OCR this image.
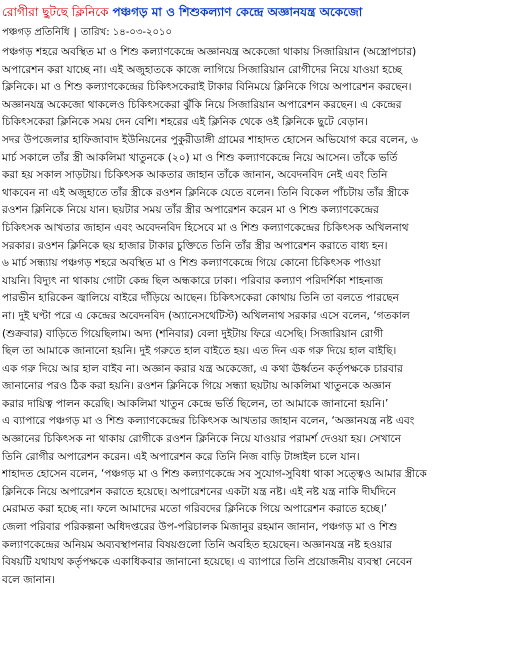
রোগীরা ছুটছে ক্লিনিকে পঞ্চগড় মা ও শিশুকল্যাণ কেন্দ্রে অজ্ঞানযন্ত্র অকেজো
পঞ্চগড় প্রতিনিধি | তারিখ: ১৪-০৩-২০১০
পঞ্চগড় শহরে অবস্থিত মা ও শিশু কল্যাণকেন্দ্রে অজ্ঞানযন্ত্র অকেজো থাকায় সিজারিয়ান (অস্ত্রোপচার)
অপারেশন করা যাচ্ছে না। এই অজুহাতকে কাজে লাগিয়ে সিজারিয়ান রোগীদের নিয়ে যাওয়া হচ্ছে
ক্লিনিকে। মা ও শিশু কল্যাণকেন্দ্রের চিকিৎসকেরাই টাকার বিনিময়ে ক্লিনিকে গিয়ে অপারেশন করছেন।
অজ্ঞানযন্ত্র অকেজো থাকলেও চিকিৎসকেরা ঝুঁকি নিয়ে সিজারিয়ান অপারেশন করছেন। এ কেন্দ্রের
চিকিৎসকেরা ক্লিনিকে সময় দেন বেশি। শহরের এই ক্লিনিক থেকে ওই ক্লিনিকে ছুটে বেড়ান।
সদর উপজেলার হাফিজাবাদ ইউনিয়নের পুকুরীডাঙ্গী গ্রামের শাহাদত হোসেন অভিযোগ করে বলেন, ৬
মার্চ সকালে তাঁর স্ত্রী আকলিমা খাতুনকে (২০) মা ও শিশু কল্যাণকেন্দ্রে নিয়ে আসেন। তাঁকে ভর্তি
করা হয় সকাল সাড়টায়। চিকিৎসক আকতার জাহান তাঁকে জানান, অবেদনবিদ নেই এবং তিনি
থাকবেন না এই অজুহাতে তাঁর স্ত্রীকে রওশন ক্লিনিকে যেতে বলেন। তিনি বিকেল পাঁচটায় তাঁর স্ত্রীকে
রওশন ক্লিনিকে নিয়ে যান। ছয়টার সময় তাঁর স্ত্রীর অপারেশন করেন মা ও শিশু কল্যাণকেন্দ্রের
চিকিৎসক আখতার জাহান এবং অবেদনবিদ হিসেবে মা ও শিশু কল্যাণকেন্দ্রের চিকিৎসক অখিলনাথ
সরকার। রওশন ক্লিনিকে ছয় হাজার টাকার চুক্তিতে তিনি তাঁর স্ত্রীর অপারেশন করাতে বাধ্য হন।
৬ মার্চ সন্ধ্যায় পঞ্চগড় শহরে অবস্থিত মা ও শিশু কল্যাণকেন্দ্রে গিয়ে কোনো চিকিৎসক পাওয়া
যায়নি। বিদ্যুৎ না থাকায় গোটা কেন্দ্র ছিল অন্ধকারে ঢাকা। পরিবার কল্যাণ পরিদর্শিকা শাহনাজ
পারভীন হারিকেন জ্বালিয়ে বাইরে দাঁড়িয়ে আছেন। চিকিৎসকেরা কোথায় তিনি তা বলতে পারছেন
না। দুই ঘণ্টা পরে এ কেন্দ্রের অবেদনবিদ (অ্যানেসথেটিস্ট) অখিলনাথ সরকার এসে বলেন, ‘গতকাল
(শুক্রবার) বাড়িতে গিয়েছিলাম। অদ্য (শনিবার) বেলা দুইটায় ফিরে এসেছি। সিজারিয়ান রোগী
ছিল তা আমাকে জানানো হয়নি। দুই গরুতে হাল বাইতে হয়। এত দিন এক গরু দিয়ে হাল বাইছি।
এক গরু দিয়ে আর হাল বাইব না। অজ্ঞান করার যন্ত্র অকেজো, এ কথা ঊর্ধ্বতন কর্তৃপক্ষকে চারবার
জানানোর পরও ঠিক করা হয়নি। রওশন ক্লিনিকে গিয়ে সন্ধ্যা ছয়টায় আকলিমা খাতুনকে অজ্ঞান
করার দায়িত্ব পালন করেছি। আকলিমা খাতুন কেন্দ্রে ভর্তি ছিলেন, তা আমাকে জানানো হয়নি।’
এ ব্যাপারে পঞ্চগড় মা ও শিশু কল্যাণকেন্দ্রের চিকিৎসক আখতার জাহান বলেন, ‘অজ্ঞানযন্ত্র নষ্ট এবং
অজ্ঞানের চিকিৎসক না থাকায় রোগীকে রওশন ক্লিনিকে নিয়ে যাওয়ার পরামর্শ দেওয়া হয়। সেখানে
তিনি রোগীর অপারেশন করেন। এই অপারেশন করে তিনি নিজ বাড়ি টাঙ্গাইল চলে যান।
শাহাদত হোসেন বলেন, ‘পঞ্চগড় মা ও শিশু কল্যাণকেন্দ্রে সব সুযোগ-সুবিধা থাকা সত্ত্বেও আমার স্ত্রীকে
ক্লিনিকে নিয়ে অপারেশন করাতে হয়েছে। অপারেশনের একটা যন্ত্র নষ্ট। এই নষ্ট যন্ত্র নাকি দীর্ঘদিনে
মেরামত করা হচ্ছে না। ফলে আমাদের মতো গরিবদের ক্লিনিকে গিয়ে অপারেশন করাতে হচ্ছে।’
জেলা পরিবার পরিকল্পনা অধিদপ্তরের উপ-পরিচালক মিজানুর রহমান জানান, পঞ্চগড় মা ও শিশু
কল্যাণকেন্দ্রের অনিয়ম অব্যবস্থাপনার বিষয়গুলো তিনি অবহিত হয়েছেন। অজ্ঞানযন্ত্র নষ্ট হওয়ার
বিষয়টি যথাযথ কর্তৃপক্ষকে একাধিকবার জানানো হয়েছে। এ ব্যাপারে তিনি প্রয়োজনীয় ব্যবস্থা নেবেন
বলে জানান।
